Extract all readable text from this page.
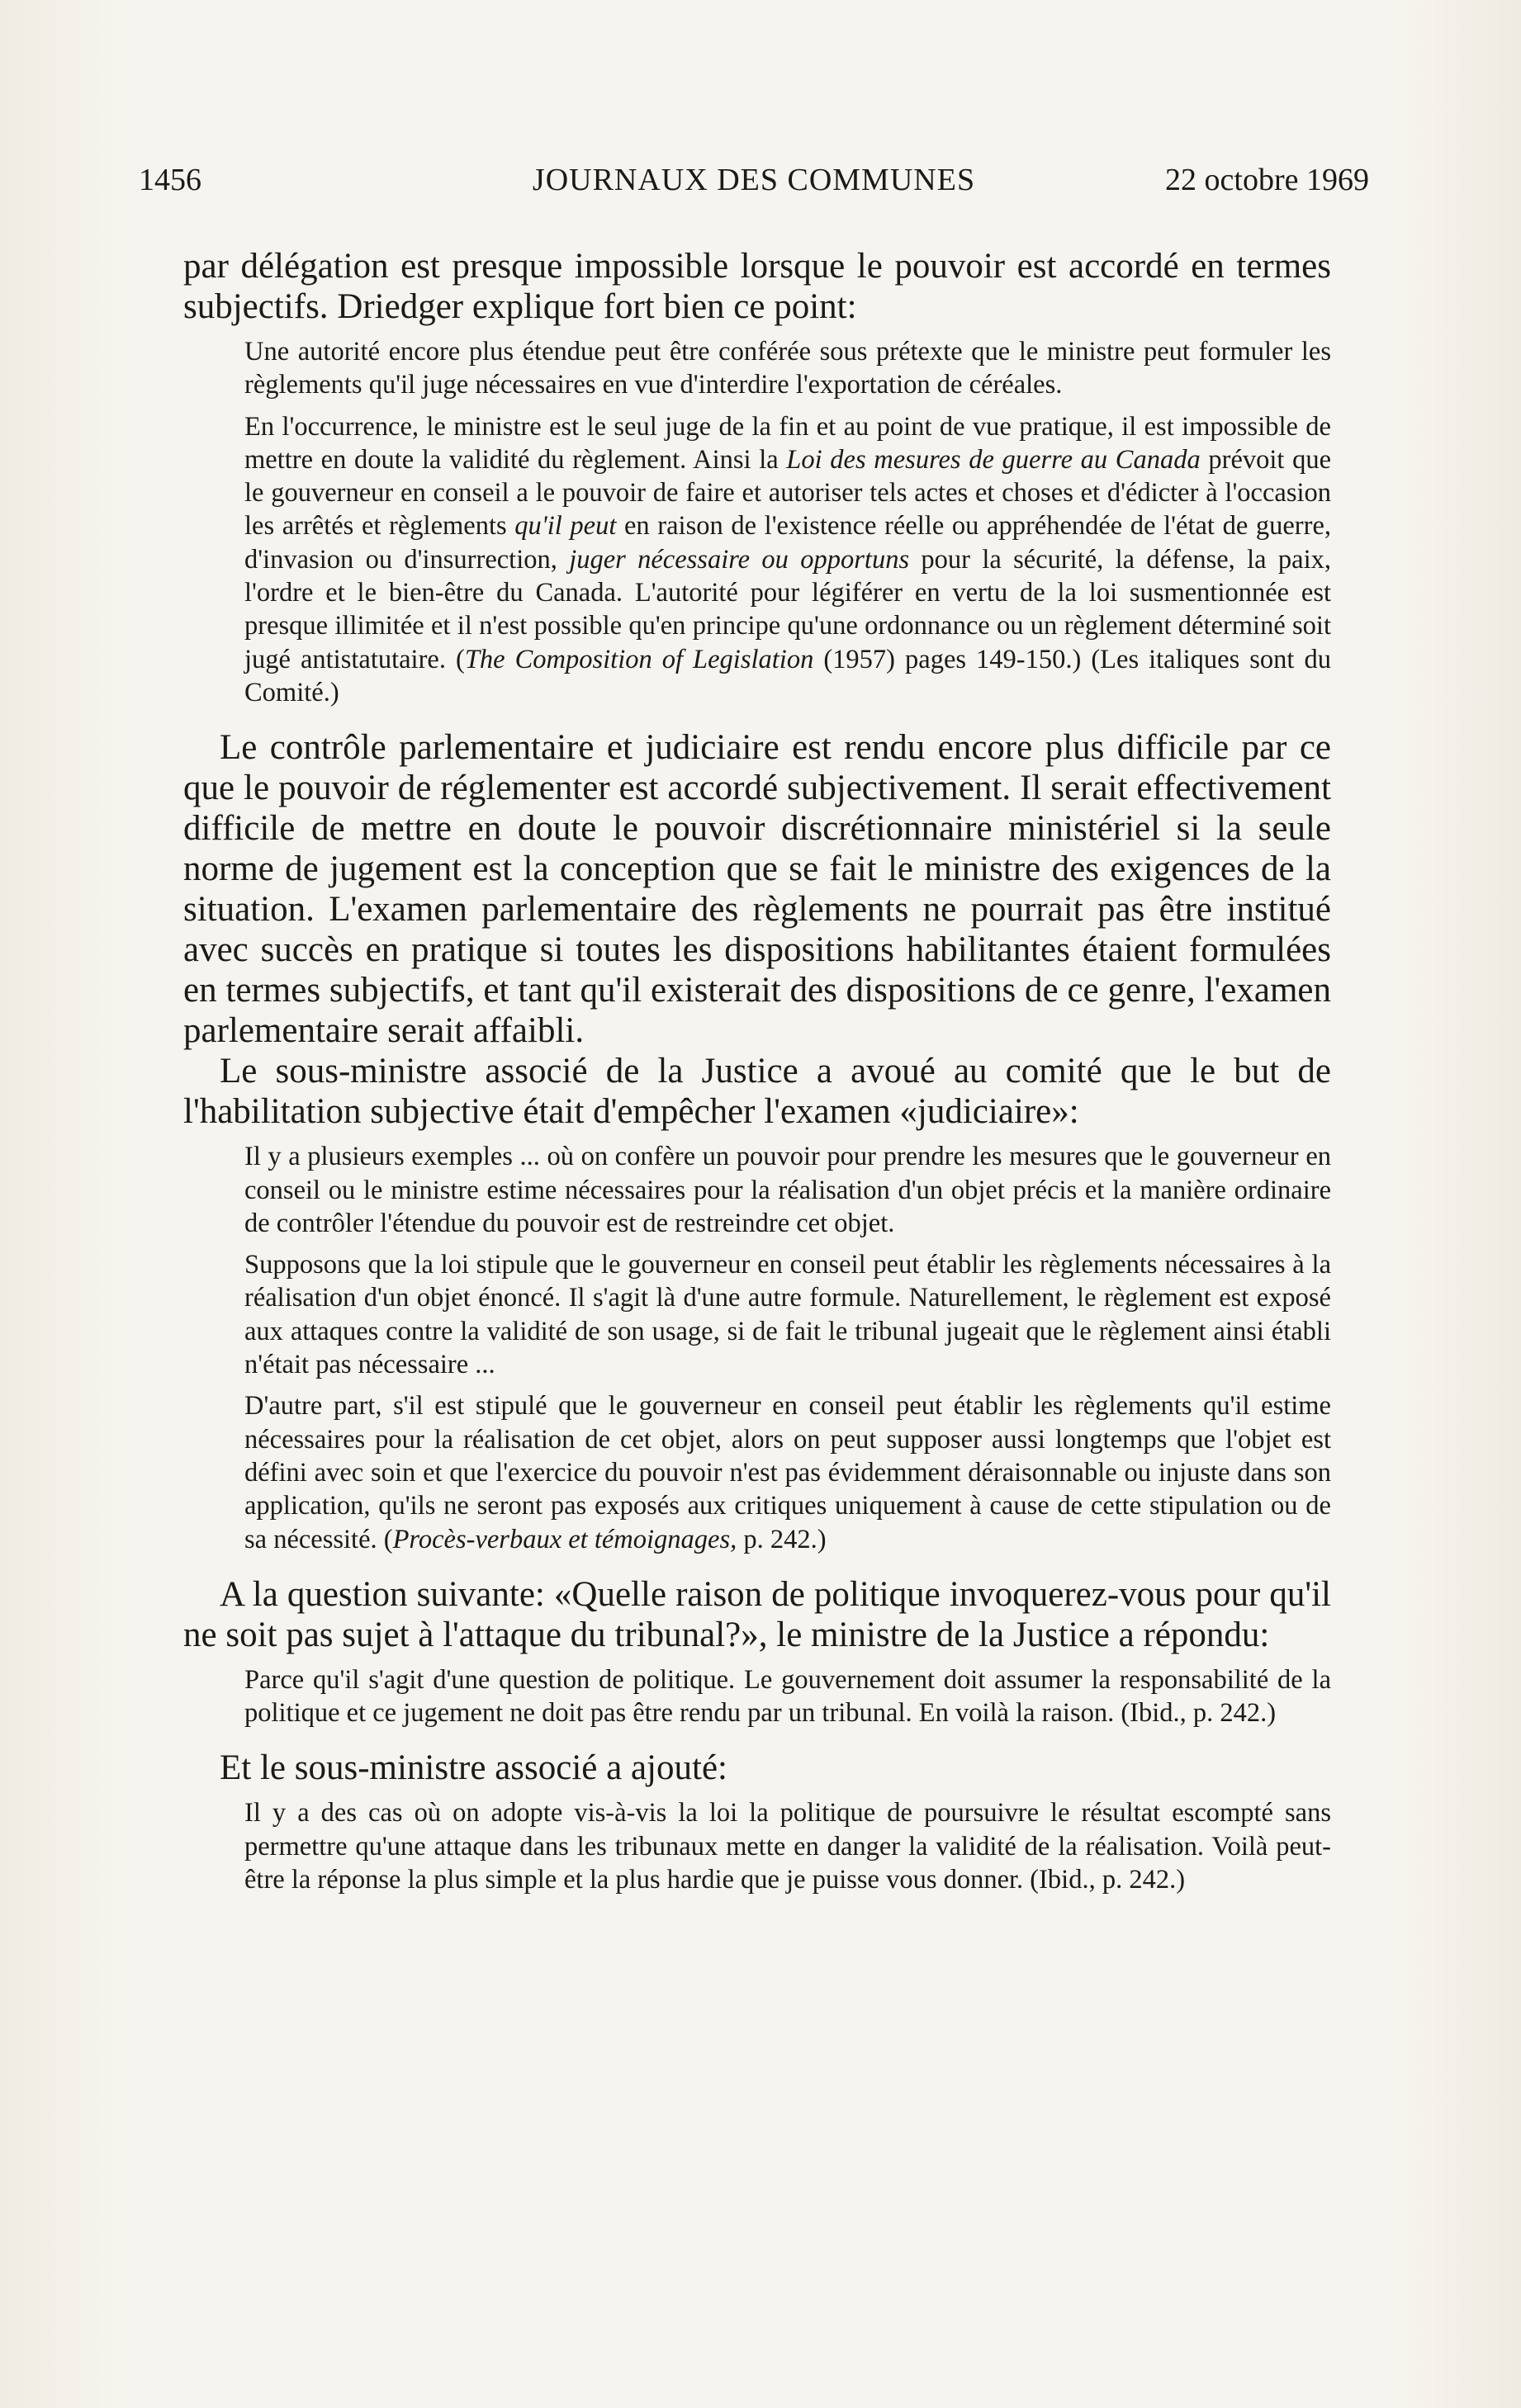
1456	JOURNAUX DES COMMUNES	22 octobre 1969

par délégation est presque impossible lorsque le pouvoir est accordé en termes subjectifs. Driedger explique fort bien ce point:

Une autorité encore plus étendue peut être conférée sous prétexte que le ministre peut formuler les règlements qu'il juge nécessaires en vue d'interdire l'exportation de céréales.

En l'occurrence, le ministre est le seul juge de la fin et au point de vue pratique, il est impossible de mettre en doute la validité du règlement. Ainsi la Loi des mesures de guerre au Canada prévoit que le gouverneur en conseil a le pouvoir de faire et autoriser tels actes et choses et d'édicter à l'occasion les arrêtés et règlements qu'il peut en raison de l'existence réelle ou appréhendée de l'état de guerre, d'invasion ou d'insurrection, juger nécessaire ou opportuns pour la sécurité, la défense, la paix, l'ordre et le bien-être du Canada. L'autorité pour légiférer en vertu de la loi susmentionnée est presque illimitée et il n'est possible qu'en principe qu'une ordonnance ou un règlement déterminé soit jugé antistatutaire. (The Composition of Legislation (1957) pages 149-150.) (Les italiques sont du Comité.)

Le contrôle parlementaire et judiciaire est rendu encore plus difficile par ce que le pouvoir de réglementer est accordé subjectivement. Il serait effectivement difficile de mettre en doute le pouvoir discrétionnaire ministériel si la seule norme de jugement est la conception que se fait le ministre des exigences de la situation. L'examen parlementaire des règlements ne pourrait pas être institué avec succès en pratique si toutes les dispositions habilitantes étaient formulées en termes subjectifs, et tant qu'il existerait des dispositions de ce genre, l'examen parlementaire serait affaibli.

Le sous-ministre associé de la Justice a avoué au comité que le but de l'habilitation subjective était d'empêcher l'examen «judiciaire»:

Il y a plusieurs exemples ... où on confère un pouvoir pour prendre les mesures que le gouverneur en conseil ou le ministre estime nécessaires pour la réalisation d'un objet précis et la manière ordinaire de contrôler l'étendue du pouvoir est de restreindre cet objet.

Supposons que la loi stipule que le gouverneur en conseil peut établir les règlements nécessaires à la réalisation d'un objet énoncé. Il s'agit là d'une autre formule. Naturellement, le règlement est exposé aux attaques contre la validité de son usage, si de fait le tribunal jugeait que le règlement ainsi établi n'était pas nécessaire ...

D'autre part, s'il est stipulé que le gouverneur en conseil peut établir les règlements qu'il estime nécessaires pour la réalisation de cet objet, alors on peut supposer aussi longtemps que l'objet est défini avec soin et que l'exercice du pouvoir n'est pas évidemment déraisonnable ou injuste dans son application, qu'ils ne seront pas exposés aux critiques uniquement à cause de cette stipulation ou de sa nécessité. (Procès-verbaux et témoignages, p. 242.)

A la question suivante: «Quelle raison de politique invoquerez-vous pour qu'il ne soit pas sujet à l'attaque du tribunal?», le ministre de la Justice a répondu:

Parce qu'il s'agit d'une question de politique. Le gouvernement doit assumer la responsabilité de la politique et ce jugement ne doit pas être rendu par un tribunal. En voilà la raison. (Ibid., p. 242.)

Et le sous-ministre associé a ajouté:

Il y a des cas où on adopte vis-à-vis la loi la politique de poursuivre le résultat escompté sans permettre qu'une attaque dans les tribunaux mette en danger la validité de la réalisation. Voilà peut-être la réponse la plus simple et la plus hardie que je puisse vous donner. (Ibid., p. 242.)
